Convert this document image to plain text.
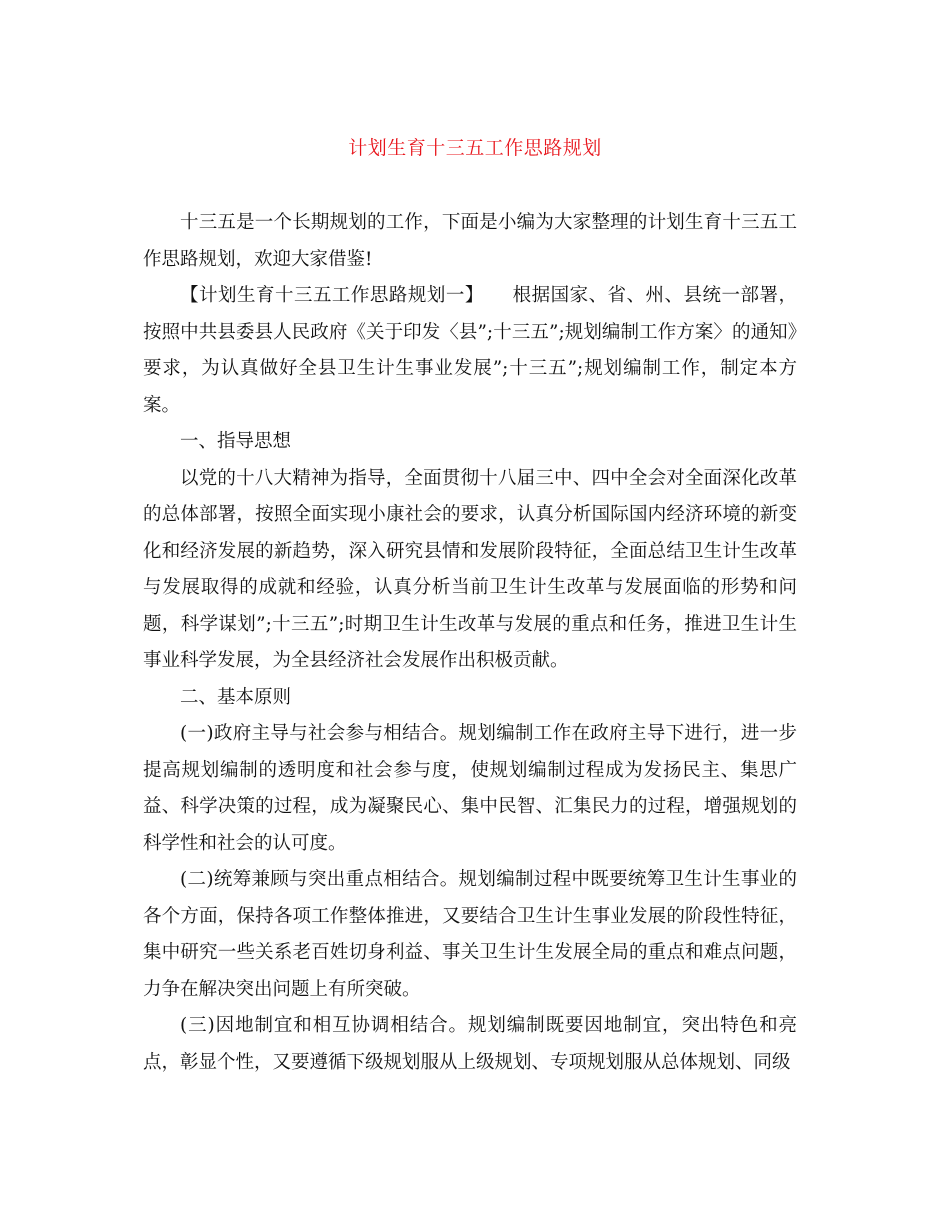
计划生育十三五工作思路规划

十三五是一个长期规划的工作，下面是小编为大家整理的计划生育十三五工作思路规划，欢迎大家借鉴!

【计划生育十三五工作思路规划一】　　根据国家、省、州、县统一部署，按照中共县委县人民政府《关于印发〈县”;十三五”;规划编制工作方案〉的通知》要求，为认真做好全县卫生计生事业发展”;十三五”;规划编制工作，制定本方案。

一、指导思想

以党的十八大精神为指导，全面贯彻十八届三中、四中全会对全面深化改革的总体部署，按照全面实现小康社会的要求，认真分析国际国内经济环境的新变化和经济发展的新趋势，深入研究县情和发展阶段特征，全面总结卫生计生改革与发展取得的成就和经验，认真分析当前卫生计生改革与发展面临的形势和问题，科学谋划”;十三五”;时期卫生计生改革与发展的重点和任务，推进卫生计生事业科学发展，为全县经济社会发展作出积极贡献。

二、基本原则

(一)政府主导与社会参与相结合。规划编制工作在政府主导下进行，进一步提高规划编制的透明度和社会参与度，使规划编制过程成为发扬民主、集思广益、科学决策的过程，成为凝聚民心、集中民智、汇集民力的过程，增强规划的科学性和社会的认可度。

(二)统筹兼顾与突出重点相结合。规划编制过程中既要统筹卫生计生事业的各个方面，保持各项工作整体推进，又要结合卫生计生事业发展的阶段性特征，集中研究一些关系老百姓切身利益、事关卫生计生发展全局的重点和难点问题，力争在解决突出问题上有所突破。

(三)因地制宜和相互协调相结合。规划编制既要因地制宜，突出特色和亮点，彰显个性，又要遵循下级规划服从上级规划、专项规划服从总体规划、同级
